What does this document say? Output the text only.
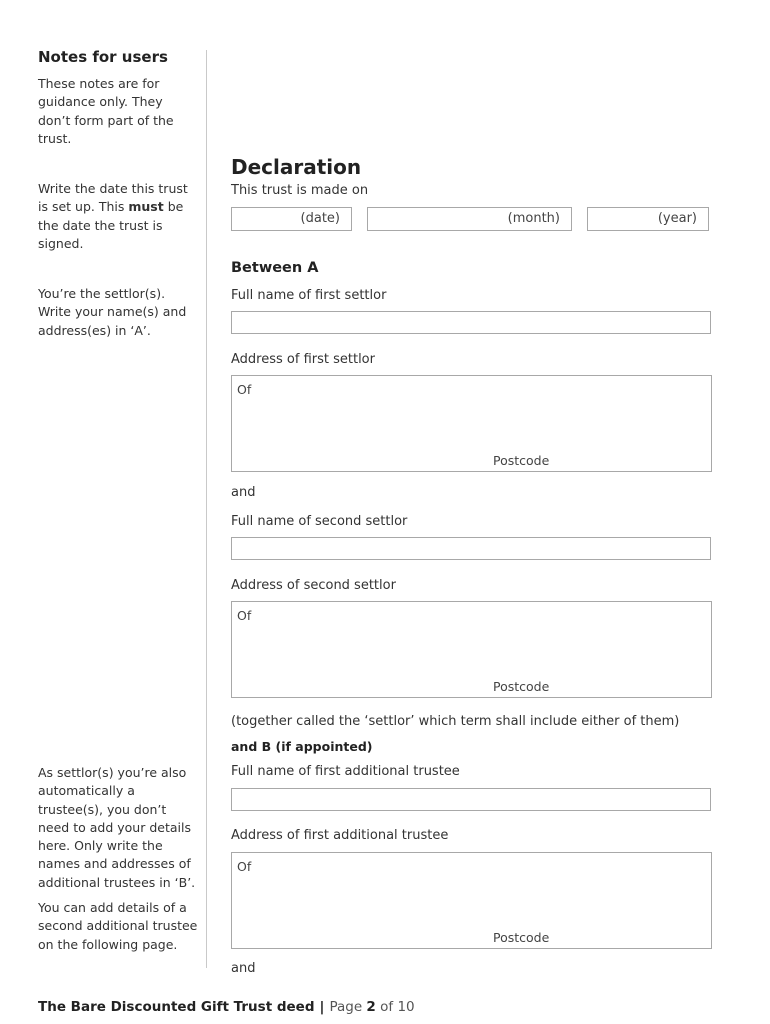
Notes for users
These notes are for guidance only. They don’t form part of the trust.
Write the date this trust is set up. This must be the date the trust is signed.
You’re the settlor(s). Write your name(s) and address(es) in ‘A’.
As settlor(s) you’re also automatically a trustee(s), you don’t need to add your details here. Only write the names and addresses of additional trustees in ‘B’.
You can add details of a second additional trustee on the following page.
Declaration
This trust is made on
(date)	(month)	(year)
Between A
Full name of first settlor
Address of first settlor
Of
Postcode
and
Full name of second settlor
Address of second settlor
Of
Postcode
(together called the ‘settlor’ which term shall include either of them)
and B (if appointed)
Full name of first additional trustee
Address of first additional trustee
Of
Postcode
and
The Bare Discounted Gift Trust deed | Page 2 of 10
